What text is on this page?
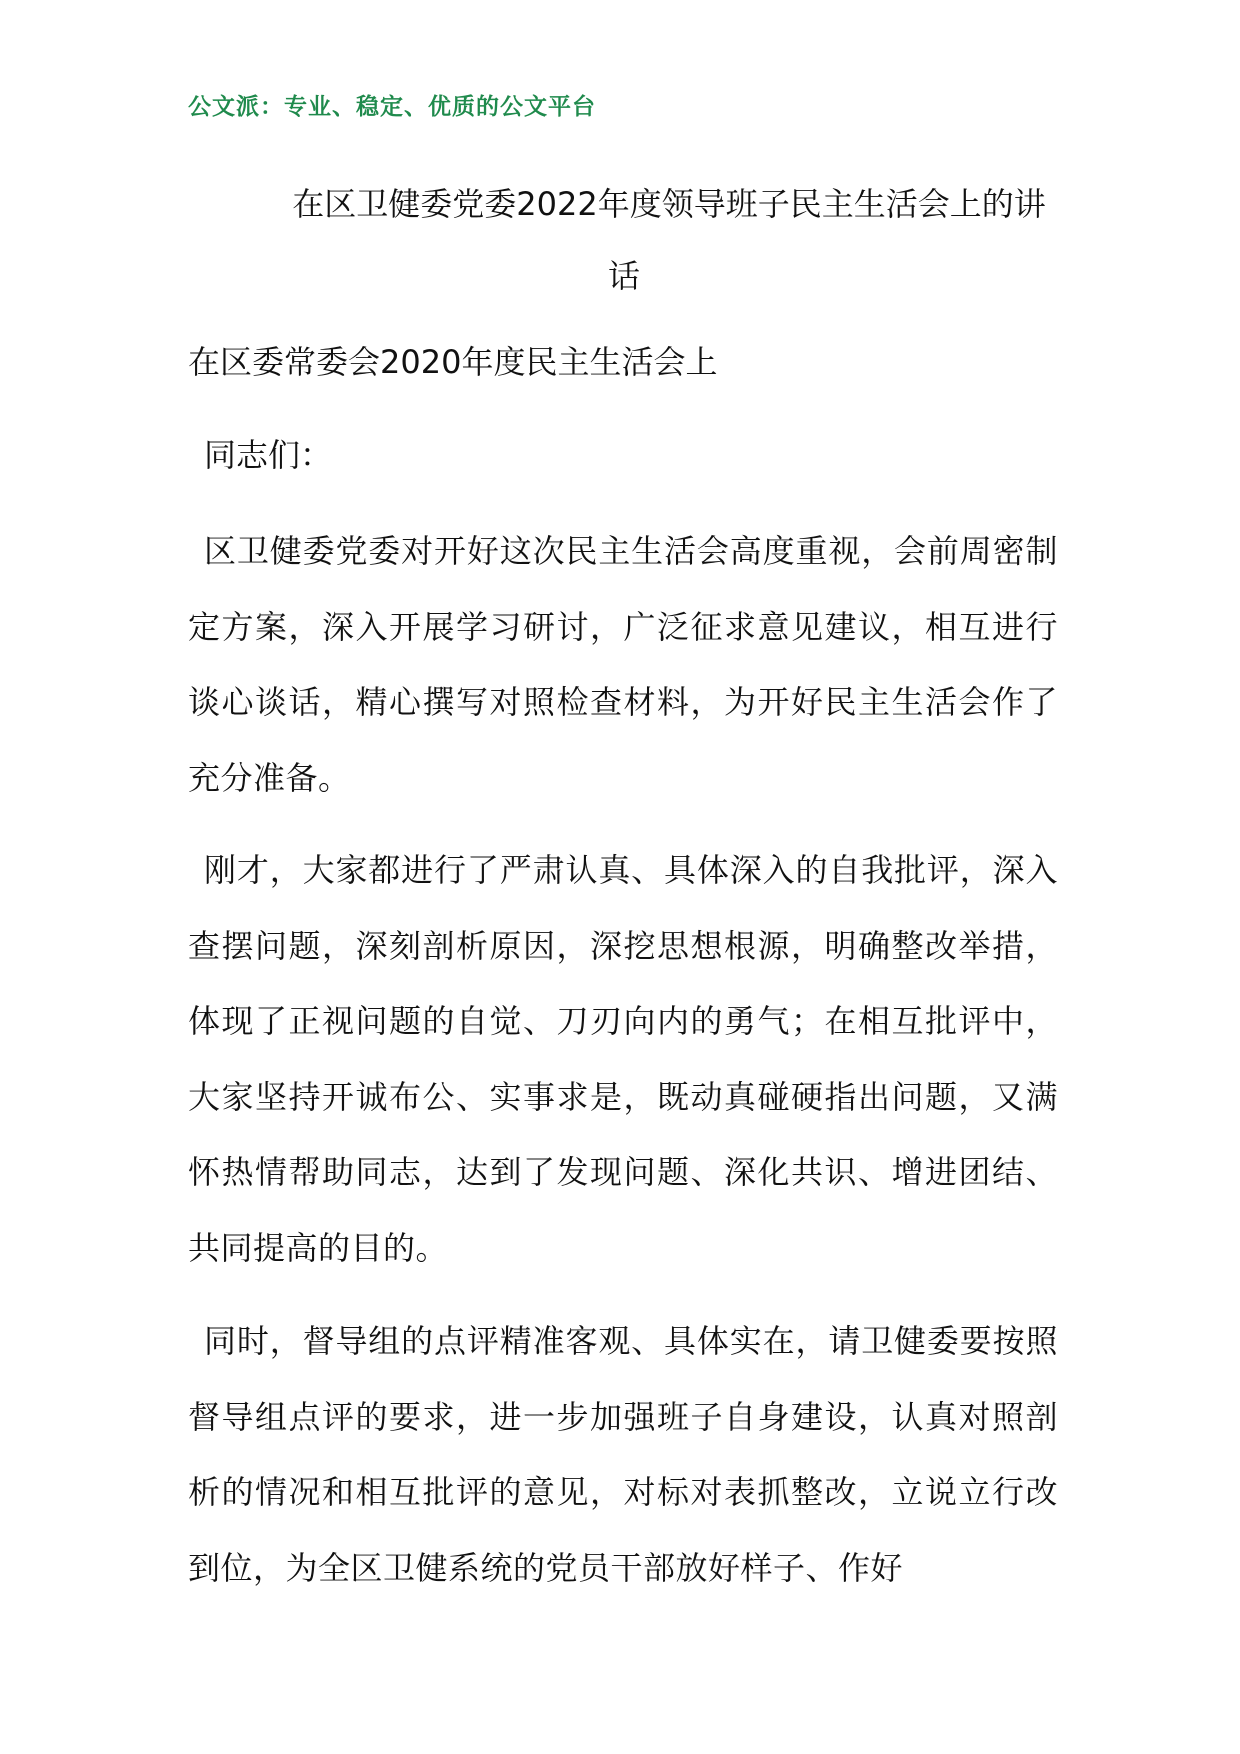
公文派：专业、稳定、优质的公文平台
在区卫健委党委2022年度领导班子民主生活会上的讲
话
在区委常委会2020年度民主生活会上
同志们：

区卫健委党委对开好这次民主生活会高度重视，会前周密制定方案，深入开展学习研讨，广泛征求意见建议，相互进行谈心谈话，精心撰写对照检查材料，为开好民主生活会作了充分准备。

刚才，大家都进行了严肃认真、具体深入的自我批评，深入查摆问题，深刻剖析原因，深挖思想根源，明确整改举措，体现了正视问题的自觉、刀刃向内的勇气；在相互批评中，大家坚持开诚布公、实事求是，既动真碰硬指出问题，又满怀热情帮助同志，达到了发现问题、深化共识、增进团结、共同提高的目的。

同时，督导组的点评精准客观、具体实在，请卫健委要按照督导组点评的要求，进一步加强班子自身建设，认真对照剖析的情况和相互批评的意见，对标对表抓整改，立说立行改到位，为全区卫健系统的党员干部放好样子、作好
